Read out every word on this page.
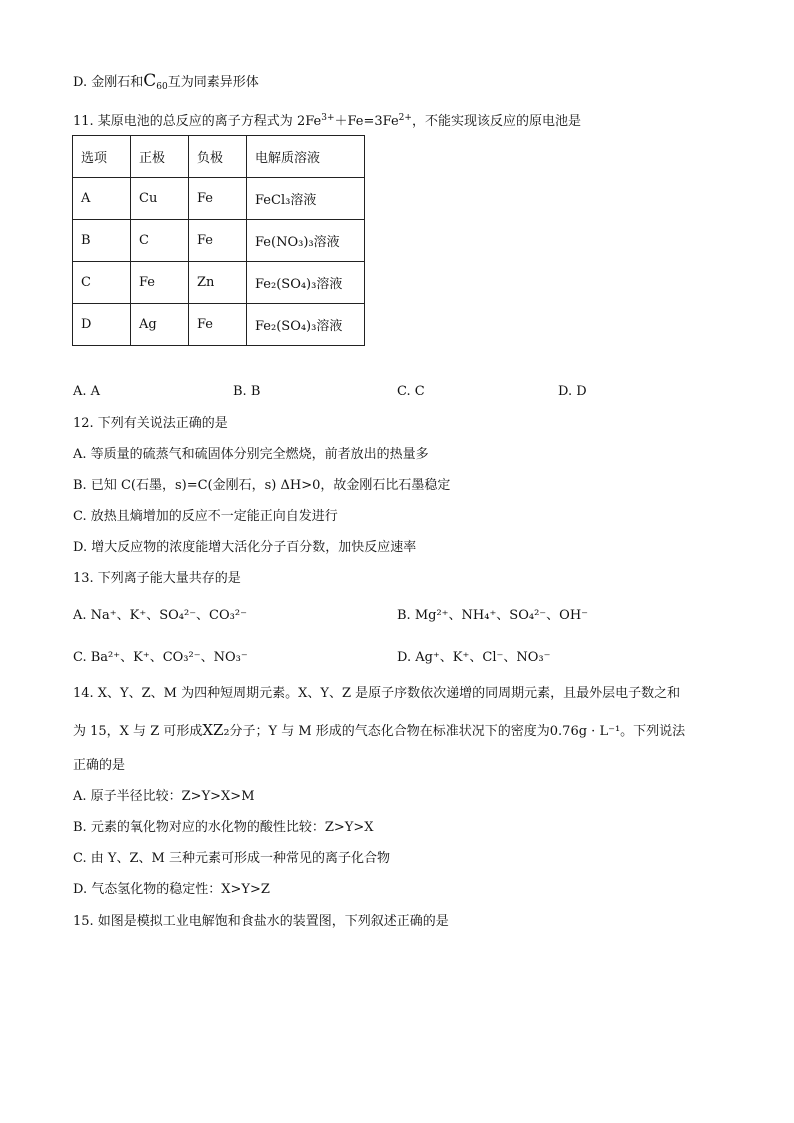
D. 金刚石和$C_{60}$互为同素异形体
11. 某原电池的总反应的离子方程式为 $2Fe^{3+}+Fe=3Fe^{2+}$，不能实现该反应的原电池是
选项	正极	负极	电解质溶液
A	Cu	Fe	FeCl₃溶液
B	C	Fe	Fe(NO₃)₃溶液
C	Fe	Zn	Fe₂(SO₄)₃溶液
D	Ag	Fe	Fe₂(SO₄)₃溶液
A. A	B. B	C. C	D. D
12. 下列有关说法正确的是
A. 等质量的硫蒸气和硫固体分别完全燃烧，前者放出的热量多
B. 已知 C(石墨，s)=C(金刚石，s) ΔH>0，故金刚石比石墨稳定
C. 放热且熵增加的反应不一定能正向自发进行
D. 增大反应物的浓度能增大活化分子百分数，加快反应速率
13. 下列离子能大量共存的是
A. Na⁺、K⁺、SO₄²⁻、CO₃²⁻	B. Mg²⁺、NH₄⁺、SO₄²⁻、OH⁻
C. Ba²⁺、K⁺、CO₃²⁻、NO₃⁻	D. Ag⁺、K⁺、Cl⁻、NO₃⁻
14. X、Y、Z、M 为四种短周期元素。X、Y、Z 是原子序数依次递增的同周期元素，且最外层电子数之和
为 15，X 与 Z 可形成XZ₂分子；Y 与 M 形成的气态化合物在标准状况下的密度为0.76g · L⁻¹。下列说法
正确的是
A. 原子半径比较：Z>Y>X>M
B. 元素的氧化物对应的水化物的酸性比较：Z>Y>X
C. 由 Y、Z、M 三种元素可形成一种常见的离子化合物
D. 气态氢化物的稳定性：X>Y>Z
15. 如图是模拟工业电解饱和食盐水的装置图，下列叙述正确的是
